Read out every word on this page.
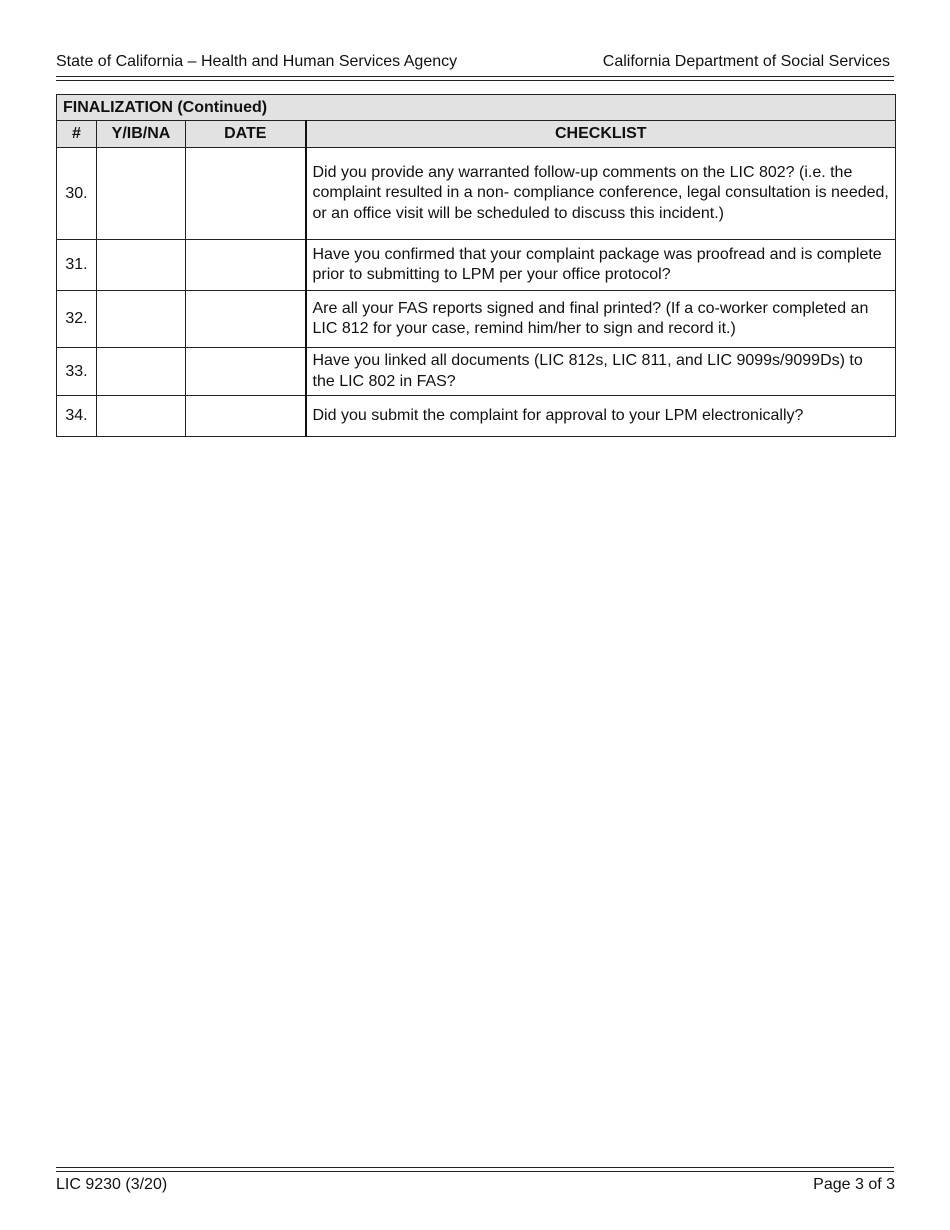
State of California – Health and Human Services Agency	California Department of Social Services
FINALIZATION (Continued)			
#	Y/IB/NA	DATE	CHECKLIST
30.			Did you provide any warranted follow-up comments on the LIC 802? (i.e. the complaint resulted in a non- compliance conference, legal consultation is needed, or an office visit will be scheduled to discuss this incident.)
31.			Have you confirmed that your complaint package was proofread and is complete prior to submitting to LPM per your office protocol?
32.			Are all your FAS reports signed and final printed? (If a co-worker completed an LIC 812 for your case, remind him/her to sign and record it.)
33.			Have you linked all documents (LIC 812s, LIC 811, and LIC 9099s/9099Ds) to the LIC 802 in FAS?
34.			Did you submit the complaint for approval to your LPM electronically?
LIC 9230 (3/20)	Page 3 of 3
